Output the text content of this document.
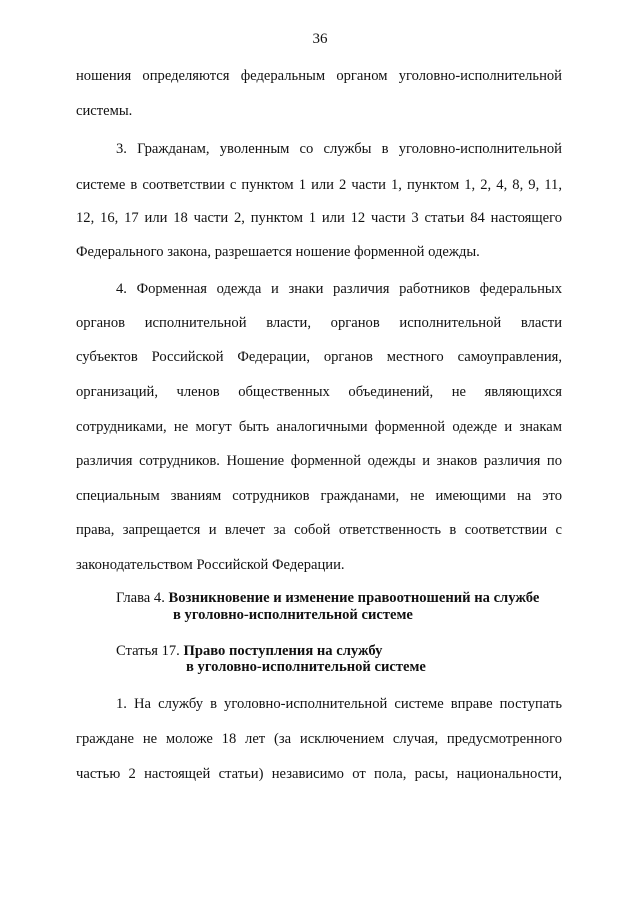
36
ношения определяются федеральным органом уголовно-исполнительной
системы.
3. Гражданам, уволенным со службы в уголовно-исполнительной
системе в соответствии с пунктом 1 или 2 части 1, пунктом 1, 2, 4, 8, 9, 11,
12, 16, 17 или 18 части 2, пунктом 1 или 12 части 3 статьи 84 настоящего
Федерального закона, разрешается ношение форменной одежды.
4. Форменная одежда и знаки различия работников федеральных
органов исполнительной власти, органов исполнительной власти
субъектов Российской Федерации, органов местного самоуправления,
организаций, членов общественных объединений, не являющихся
сотрудниками, не могут быть аналогичными форменной одежде и знакам
различия сотрудников. Ношение форменной одежды и знаков различия по
специальным званиям сотрудников гражданами, не имеющими на это
права, запрещается и влечет за собой ответственность в соответствии с
законодательством Российской Федерации.
Глава 4. Возникновение и изменение правоотношений на службе
в уголовно-исполнительной системе
Статья 17. Право поступления на службу
в уголовно-исполнительной системе
1. На службу в уголовно-исполнительной системе вправе поступать
граждане не моложе 18 лет (за исключением случая, предусмотренного
частью 2 настоящей статьи) независимо от пола, расы, национальности,
